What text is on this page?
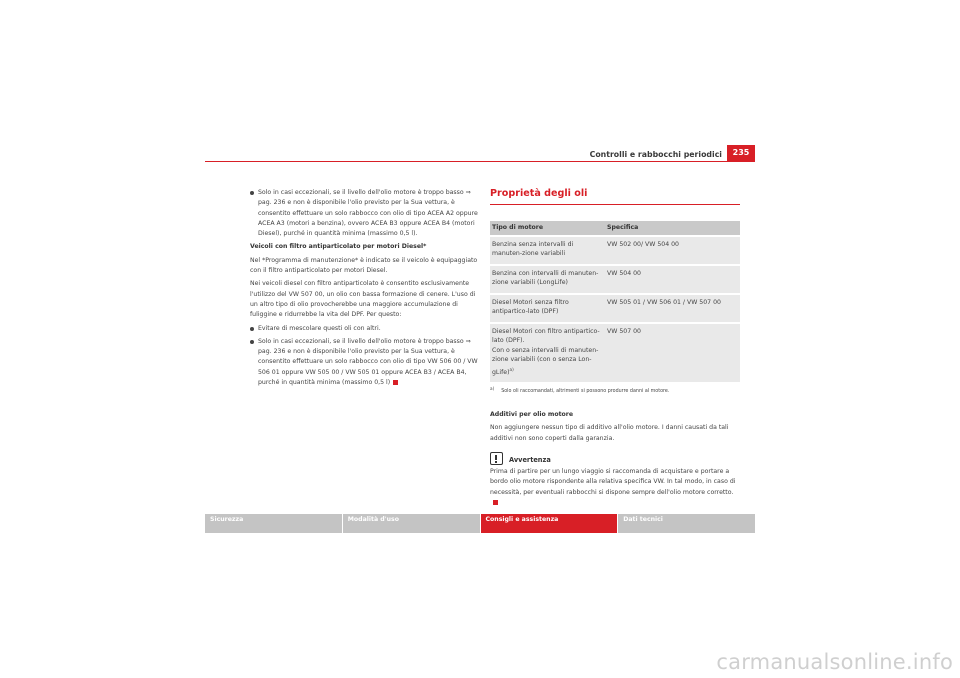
Controlli e rabbocchi periodici	235

Solo in casi eccezionali, se il livello dell'olio motore è troppo basso ⇒ pag. 236 e non è disponibile l'olio previsto per la Sua vettura, è consentito effettuare un solo rabbocco con olio di tipo ACEA A2 oppure ACEA A3 (motori a benzina), ovvero ACEA B3 oppure ACEA B4 (motori Diesel), purché in quantità minima (massimo 0,5 l).

Veicoli con filtro antiparticolato per motori Diesel*

Nel *Programma di manutenzione* è indicato se il veicolo è equipaggiato con il filtro antiparticolato per motori Diesel.

Nei veicoli diesel con filtro antiparticolato è consentito esclusivamente l'utilizzo del VW 507 00, un olio con bassa formazione di cenere. L'uso di un altro tipo di olio provocherebbe una maggiore accumulazione di fuliggine e ridurrebbe la vita del DPF. Per questo:

Evitare di mescolare questi oli con altri.

Solo in casi eccezionali, se il livello dell'olio motore è troppo basso ⇒ pag. 236 e non è disponibile l'olio previsto per la Sua vettura, è consentito effettuare un solo rabbocco con olio di tipo VW 506 00 / VW 506 01 oppure VW 505 00 / VW 505 01 oppure ACEA B3 / ACEA B4, purché in quantità minima (massimo 0,5 l)

Proprietà degli oli
Tipo di motore	Specifica
Benzina senza intervalli di manuten-zione variabili	VW 502 00/ VW 504 00
Benzina con intervalli di manuten-zione variabili (LongLife)	VW 504 00
Diesel Motori senza filtro antipartico-lato (DPF)	VW 505 01 / VW 506 01 / VW 507 00

Diesel Motori con filtro antipartico-lato (DPF).
Con o senza intervalli di manuten-zione variabili (con o senza Lon-gLife)$^{a)}$	VW 507 00
a)Solo oli raccomandati, altrimenti si possono produrre danni al motore.

Additivi per olio motore

Non aggiungere nessun tipo di additivo all'olio motore. I danni causati da tali additivi non sono coperti dalla garanzia.

Avvertenza

Prima di partire per un lungo viaggio si raccomanda di acquistare e portare a bordo olio motore rispondente alla relativa specifica VW. In tal modo, in caso di necessità, per eventuali rabbocchi si dispone sempre dell'olio motore corretto.

Sicurezza	Modalità d'uso	Consigli e assistenza	Dati tecnici
carmanualsonline.info
